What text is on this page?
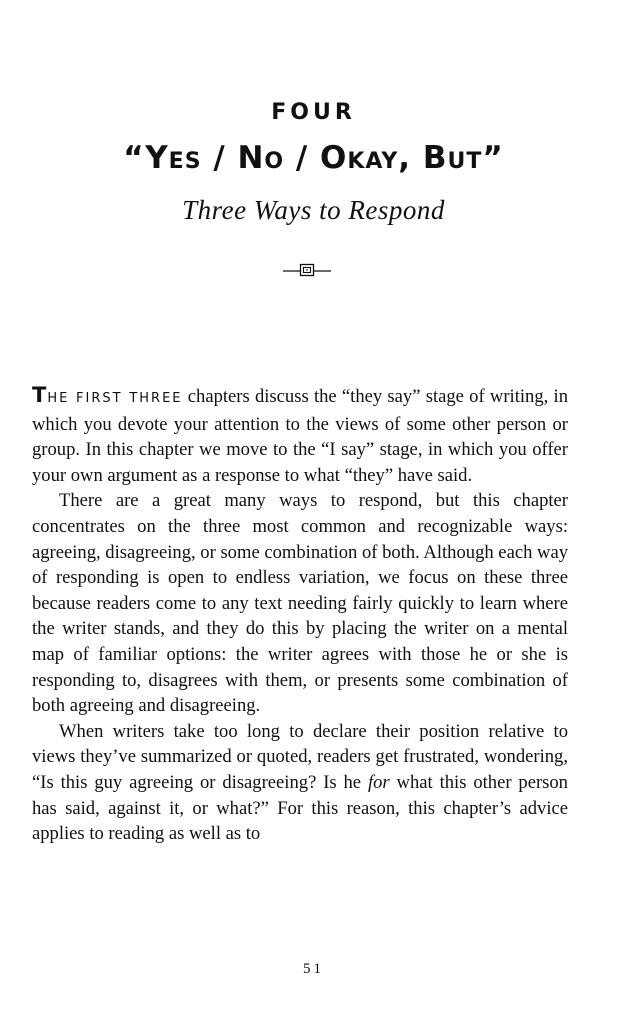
FOUR
“Yes / No / Okay, But”
Three Ways to Respond

THE FIRST THREE chapters discuss the “they say” stage of writing, in which you devote your attention to the views of some other person or group. In this chapter we move to the “I say” stage, in which you offer your own argument as a response to what “they” have said.

There are a great many ways to respond, but this chapter concentrates on the three most common and recognizable ways: agreeing, disagreeing, or some combination of both. Although each way of responding is open to endless variation, we focus on these three because readers come to any text needing fairly quickly to learn where the writer stands, and they do this by placing the writer on a mental map of familiar options: the writer agrees with those he or she is responding to, disagrees with them, or presents some combination of both agreeing and disagreeing.

When writers take too long to declare their position relative to views they’ve summarized or quoted, readers get frustrated, wondering, “Is this guy agreeing or disagreeing? Is he for what this other person has said, against it, or what?” For this reason, this chapter’s advice applies to reading as well as to

51
